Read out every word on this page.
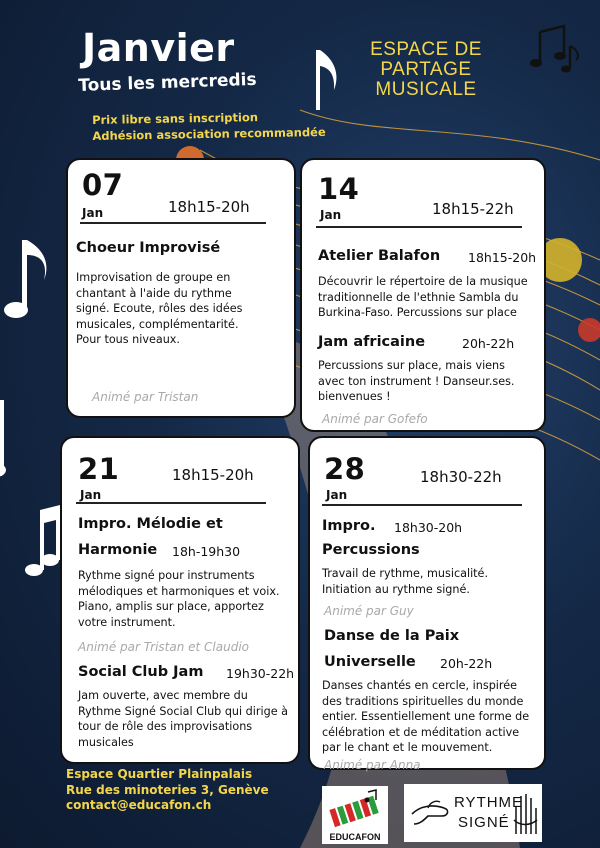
Janvier
Tous les mercredis
ESPACE DE
PARTAGE
MUSICALE
Prix libre sans inscription
Adhésion association recommandée
07
Jan	18h15-20h
Choeur Improvisé
Improvisation de groupe en chantant à l'aide du rythme signé. Ecoute, rôles des idées musicales, complémentarité. Pour tous niveaux.
Animé par Tristan
14
Jan	18h15-22h
Atelier Balafon 18h15-20h
Découvrir le répertoire de la musique traditionnelle de l'ethnie Sambla du Burkina-Faso. Percussions sur place
Jam africaine	20h-22h
Percussions sur place, mais viens avec ton instrument ! Danseur.ses. bienvenues !
Animé par Gofefo
21
Jan
18h15-20h
Impro. Mélodie et
Harmonie 18h-19h30
Rythme signé pour instruments mélodiques et harmoniques et voix. Piano, amplis sur place, apportez votre instrument.
Animé par Tristan et Claudio
Social Club Jam 19h30-22h
Jam ouverte, avec membre du Rythme Signé Social Club qui dirige à tour de rôle des improvisations musicales
28
Jan
18h30-22h
Impro. 18h30-20h
Percussions
Travail de rythme, musicalité. Initiation au rythme signé.
Animé par Guy
Danse de la Paix
Universelle 20h-22h
Danses chantés en cercle, inspirée des traditions spirituelles du monde entier. Essentiellement une forme de célébration et de méditation active par le chant et le mouvement.
Animé par Anna
Espace Quartier Plainpalais
Rue des minoteries 3, Genève
contact@educafon.ch
EDUCAFON
RYTHME
SIGNÉ
